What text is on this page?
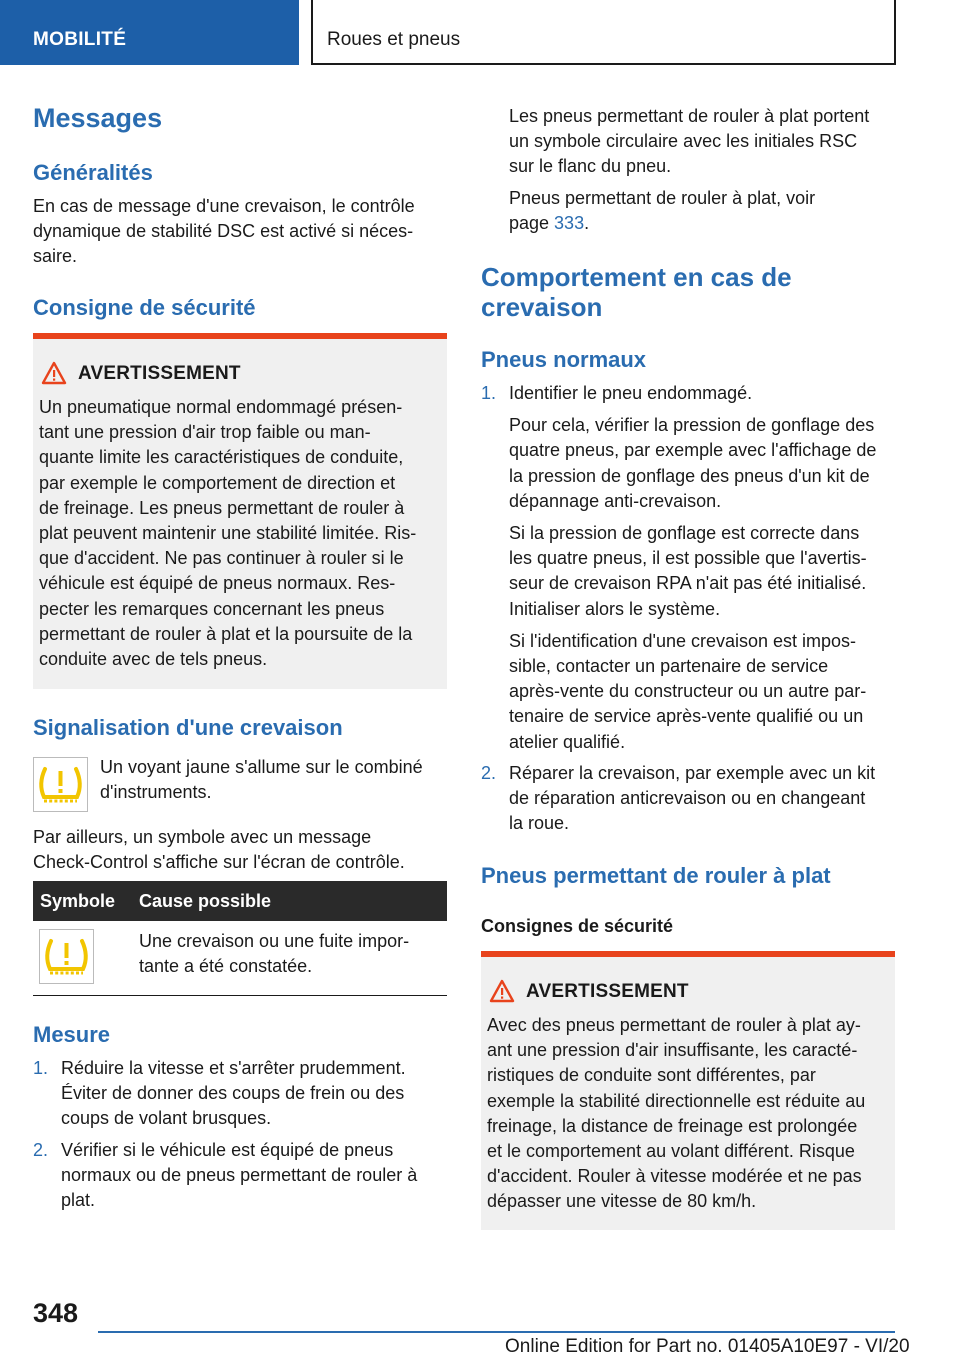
MOBILITÉ	Roues et pneus
Messages
Généralités
En cas de message d'une crevaison, le contrôle
dynamique de stabilité DSC est activé si néces-
saire.
Consigne de sécurité
AVERTISSEMENT
Un pneumatique normal endommagé présen-
tant une pression d'air trop faible ou man-
quante limite les caractéristiques de conduite,
par exemple le comportement de direction et
de freinage. Les pneus permettant de rouler à
plat peuvent maintenir une stabilité limitée. Ris-
que d'accident. Ne pas continuer à rouler si le
véhicule est équipé de pneus normaux. Res-
pecter les remarques concernant les pneus
permettant de rouler à plat et la poursuite de la
conduite avec de tels pneus.
Signalisation d'une crevaison
Un voyant jaune s'allume sur le combiné
d'instruments.
Par ailleurs, un symbole avec un message
Check-Control s'affiche sur l'écran de contrôle.
Symbole Cause possible
Une crevaison ou une fuite impor-
tante a été constatée.
Mesure
1. Réduire la vitesse et s'arrêter prudemment.
Éviter de donner des coups de frein ou des
coups de volant brusques.
2. Vérifier si le véhicule est équipé de pneus
normaux ou de pneus permettant de rouler à
plat.
Les pneus permettant de rouler à plat portent
un symbole circulaire avec les initiales RSC
sur le flanc du pneu.
Pneus permettant de rouler à plat, voir
page 333.
Comportement en cas de
crevaison
Pneus normaux
1. Identifier le pneu endommagé.
Pour cela, vérifier la pression de gonflage des
quatre pneus, par exemple avec l'affichage de
la pression de gonflage des pneus d'un kit de
dépannage anti-crevaison.
Si la pression de gonflage est correcte dans
les quatre pneus, il est possible que l'avertis-
seur de crevaison RPA n'ait pas été initialisé.
Initialiser alors le système.
Si l'identification d'une crevaison est impos-
sible, contacter un partenaire de service
après-vente du constructeur ou un autre par-
tenaire de service après-vente qualifié ou un
atelier qualifié.
2. Réparer la crevaison, par exemple avec un kit
de réparation anticrevaison ou en changeant
la roue.
Pneus permettant de rouler à plat
Consignes de sécurité
AVERTISSEMENT
Avec des pneus permettant de rouler à plat ay-
ant une pression d'air insuffisante, les caracté-
ristiques de conduite sont différentes, par
exemple la stabilité directionnelle est réduite au
freinage, la distance de freinage est prolongée
et le comportement au volant différent. Risque
d'accident. Rouler à vitesse modérée et ne pas
dépasser une vitesse de 80 km/h.
348
Online Edition for Part no. 01405A10E97 - VI/20
